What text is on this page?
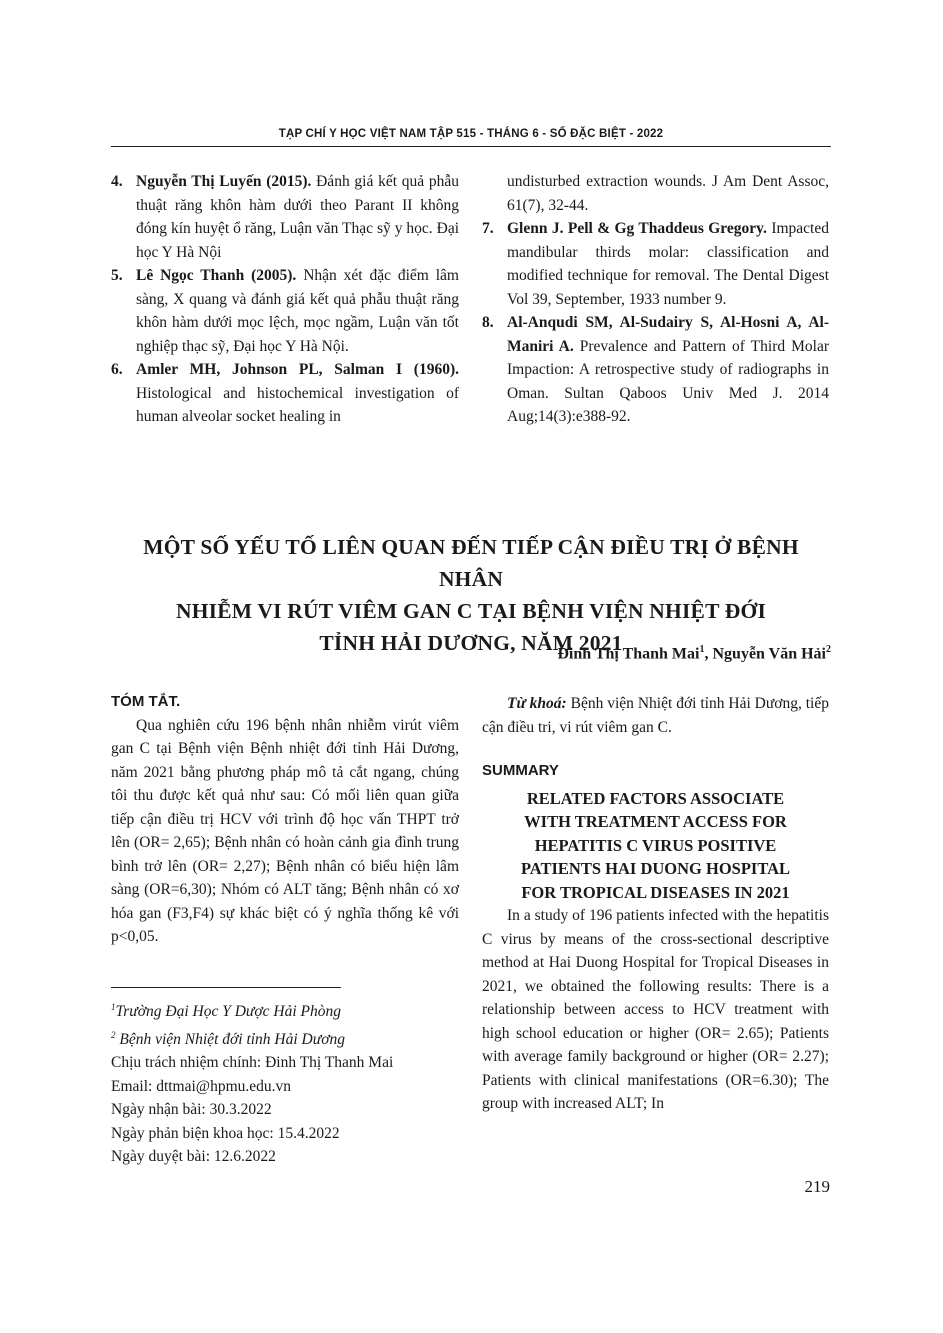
TẠP CHÍ Y HỌC VIỆT NAM TẬP 515 - THÁNG 6 - SỐ ĐẶC BIỆT - 2022
4. Nguyễn Thị Luyến (2015). Đánh giá kết quả phẫu thuật răng khôn hàm dưới theo Parant II không đóng kín huyệt ổ răng, Luận văn Thạc sỹ y học. Đại học Y Hà Nội
5. Lê Ngọc Thanh (2005). Nhận xét đặc điểm lâm sàng, X quang và đánh giá kết quả phẫu thuật răng khôn hàm dưới mọc lệch, mọc ngầm, Luận văn tốt nghiệp thạc sỹ, Đại học Y Hà Nội.
6. Amler MH, Johnson PL, Salman I (1960). Histological and histochemical investigation of human alveolar socket healing in
undisturbed extraction wounds. J Am Dent Assoc, 61(7), 32-44.
7. Glenn J. Pell & Gg Thaddeus Gregory. Impacted mandibular thirds molar: classification and modified technique for removal. The Dental Digest Vol 39, September, 1933 number 9.
8. Al-Anqudi SM, Al-Sudairy S, Al-Hosni A, Al-Maniri A. Prevalence and Pattern of Third Molar Impaction: A retrospective study of radiographs in Oman. Sultan Qaboos Univ Med J. 2014 Aug;14(3):e388-92.
MỘT SỐ YẾU TỐ LIÊN QUAN ĐẾN TIẾP CẬN ĐIỀU TRỊ Ở BỆNH NHÂN
NHIỄM VI RÚT VIÊM GAN C TẠI BỆNH VIỆN NHIỆT ĐỚI
TỈNH HẢI DƯƠNG, NĂM 2021
Đinh Thị Thanh Mai$^1$, Nguyễn Văn Hải$^2$
TÓM TẮT.

Qua nghiên cứu 196 bệnh nhân nhiễm virút viêm gan C tại Bệnh viện Bệnh nhiệt đới tỉnh Hải Dương, năm 2021 bằng phương pháp mô tả cắt ngang, chúng tôi thu được kết quả như sau: Có mối liên quan giữa tiếp cận điều trị HCV với trình độ học vấn THPT trở lên (OR= 2,65); Bệnh nhân có hoàn cảnh gia đình trung bình trở lên (OR= 2,27); Bệnh nhân có biểu hiện lâm sàng (OR=6,30); Nhóm có ALT tăng; Bệnh nhân có xơ hóa gan (F3,F4) sự khác biệt có ý nghĩa thống kê với p<0,05.

Từ khoá: Bệnh viện Nhiệt đới tỉnh Hải Dương, tiếp cận điều tri, vi rút viêm gan C.

SUMMARY
RELATED FACTORS ASSOCIATE
WITH TREATMENT ACCESS FOR
HEPATITIS C VIRUS POSITIVE
PATIENTS HAI DUONG HOSPITAL
FOR TROPICAL DISEASES IN 2021

In a study of 196 patients infected with the hepatitis C virus by means of the cross-sectional descriptive method at Hai Duong Hospital for Tropical Diseases in 2021, we obtained the following results: There is a relationship between access to HCV treatment with high school education or higher (OR= 2.65); Patients with average family background or higher (OR= 2.27); Patients with clinical manifestations (OR=6.30); The group with increased ALT; In

$^1$Trường Đại Học Y Dược Hải Phòng
$^2$ Bệnh viện Nhiệt đới tỉnh Hải Dương
Chịu trách nhiệm chính: Đinh Thị Thanh Mai
Email: dttmai@hpmu.edu.vn
Ngày nhận bài: 30.3.2022
Ngày phản biện khoa học: 15.4.2022
Ngày duyệt bài: 12.6.2022
219
